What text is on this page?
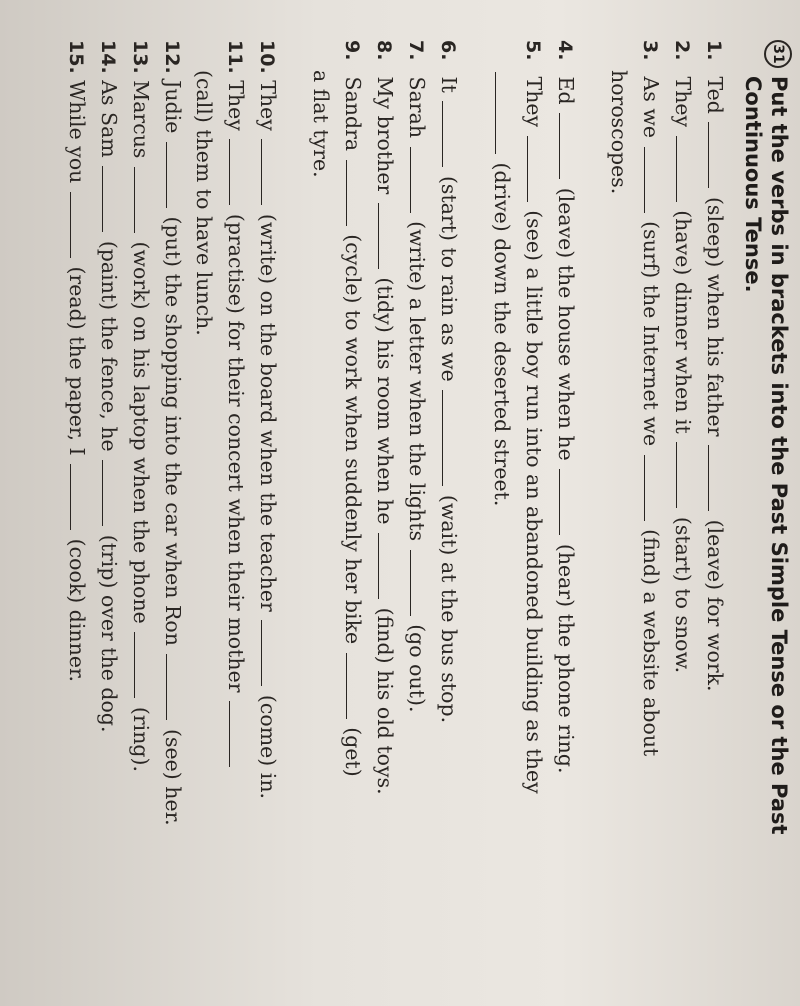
31
Put the verbs in brackets into the Past Simple Tense or the Past Continuous Tense.
1. Ted  (sleep) when his father  (leave) for work.
2. They  (have) dinner when it  (start) to snow.
3. As we  (surf) the Internet we  (find) a website about
horoscopes.
4. Ed  (leave) the house when he  (hear) the phone ring.
5. They  (see) a little boy run into an abandoned building as they
(drive) down the deserted street.
6. It  (start) to rain as we  (wait) at the bus stop.
7. Sarah  (write) a letter when the lights  (go out).
8. My brother  (tidy) his room when he  (find) his old toys.
9. Sandra  (cycle) to work when suddenly her bike  (get)
a flat tyre.
10. They  (write) on the board when the teacher  (come) in.
11. They  (practise) for their concert when their mother
(call) them to have lunch.
12. Judie  (put) the shopping into the car when Ron  (see) her.
13. Marcus  (work) on his laptop when the phone  (ring).
14. As Sam  (paint) the fence, he  (trip) over the dog.
15. While you  (read) the paper, I  (cook) dinner.
